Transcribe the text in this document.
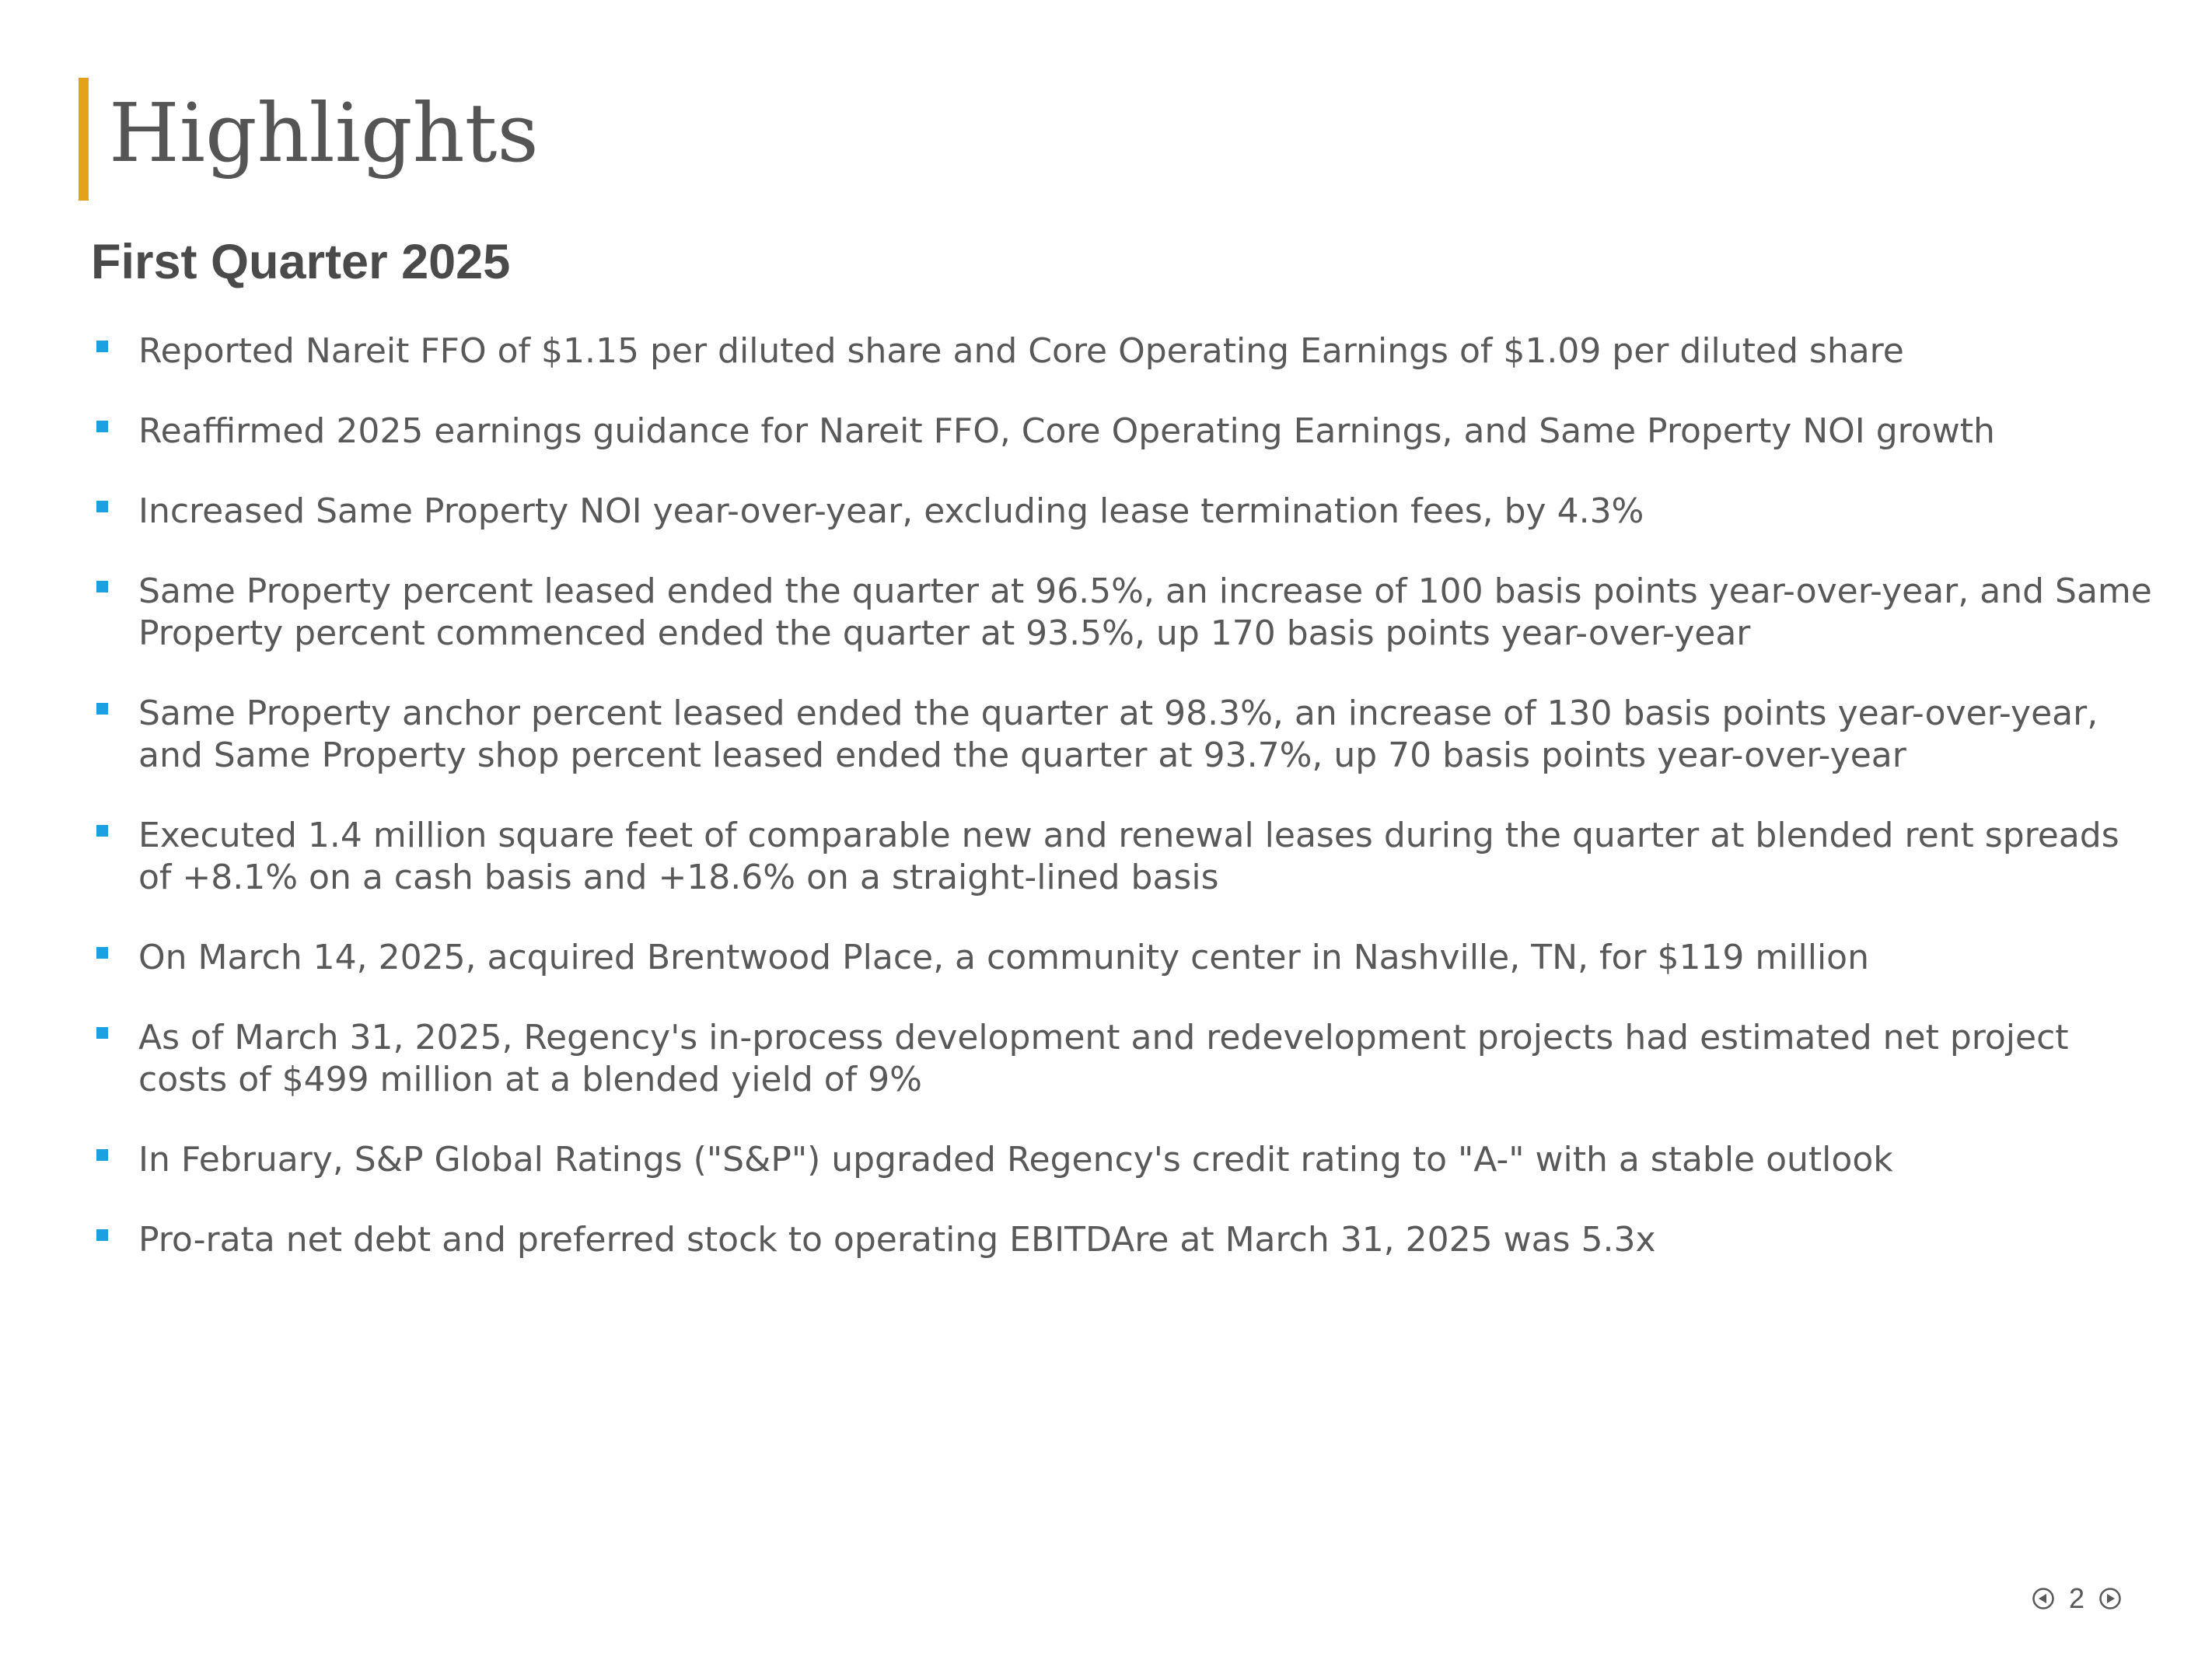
Highlights
First Quarter 2025
Reported Nareit FFO of $1.15 per diluted share and Core Operating Earnings of $1.09 per diluted share
Reaffirmed 2025 earnings guidance for Nareit FFO, Core Operating Earnings, and Same Property NOI growth
Increased Same Property NOI year-over-year, excluding lease termination fees, by 4.3%
Same Property percent leased ended the quarter at 96.5%, an increase of 100 basis points year-over-year, and Same Property percent commenced ended the quarter at 93.5%, up 170 basis points year-over-year
Same Property anchor percent leased ended the quarter at 98.3%, an increase of 130 basis points year-over-year, and Same Property shop percent leased ended the quarter at 93.7%, up 70 basis points year-over-year
Executed 1.4 million square feet of comparable new and renewal leases during the quarter at blended rent spreads of +8.1% on a cash basis and +18.6% on a straight-lined basis
On March 14, 2025, acquired Brentwood Place, a community center in Nashville, TN, for $119 million
As of March 31, 2025, Regency's in-process development and redevelopment projects had estimated net project costs of $499 million at a blended yield of 9%
In February, S&P Global Ratings ("S&P") upgraded Regency's credit rating to "A-" with a stable outlook
Pro-rata net debt and preferred stock to operating EBITDAre at March 31, 2025 was 5.3x
2
